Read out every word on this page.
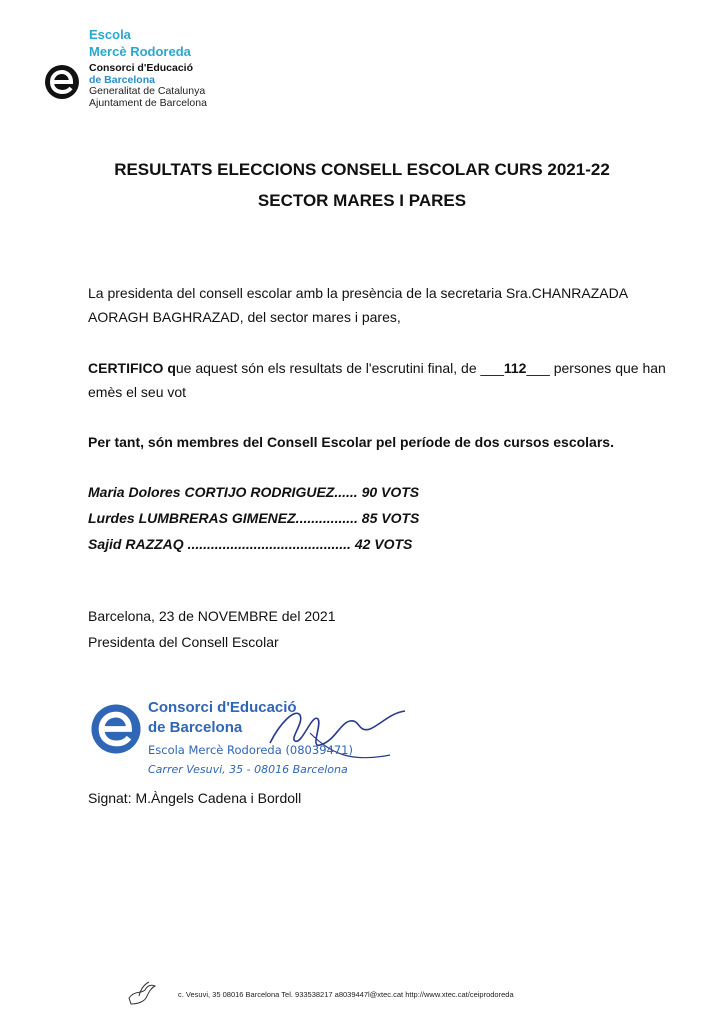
Escola
Mercè Rodoreda
Consorci d'Educació
de Barcelona
Generalitat de Catalunya
Ajuntament de Barcelona
RESULTATS ELECCIONS CONSELL ESCOLAR CURS 2021-22
SECTOR MARES I PARES
La presidenta del consell escolar amb la presència de la secretaria Sra.CHANRAZADA AORAGH BAGHRAZAD, del sector mares i pares,
CERTIFICO que aquest són els resultats de l'escrutini final, de ___112___ persones que han emès el seu vot
Per tant, són membres del Consell Escolar pel període de dos cursos escolars.
Maria Dolores CORTIJO RODRIGUEZ...... 90 VOTS
Lurdes LUMBRERAS GIMENEZ................ 85 VOTS
Sajid RAZZAQ .......................................... 42 VOTS
Barcelona, 23 de NOVEMBRE del 2021
Presidenta del Consell Escolar
Consorci d'Educació
de Barcelona
Escola Mercè Rodoreda (08039471)
Carrer Vesuvi, 35 - 08016 Barcelona
Signat: M.Àngels Cadena i Bordoll
c. Vesuvi, 35 08016 Barcelona Tel. 933538217 a8039447l@xtec.cat http://www.xtec.cat/ceiprodoreda
